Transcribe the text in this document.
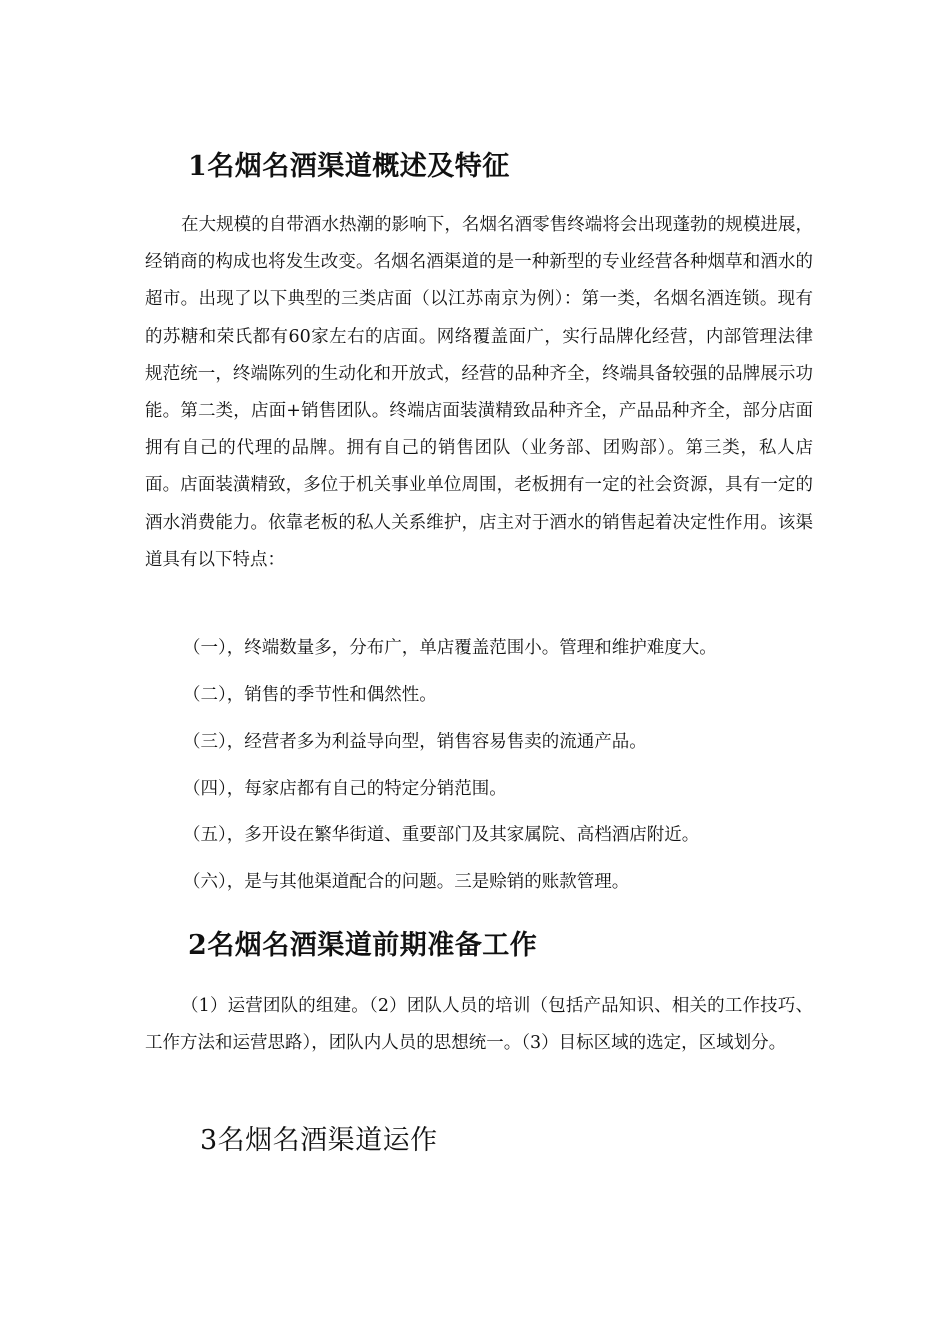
1名烟名酒渠道概述及特征

在大规模的自带酒水热潮的影响下，名烟名酒零售终端将会出现蓬勃的规模进展，经销商的构成也将发生改变。名烟名酒渠道的是一种新型的专业经营各种烟草和酒水的超市。出现了以下典型的三类店面（以江苏南京为例）：第一类，名烟名酒连锁。现有的苏糖和荣氏都有60家左右的店面。网络覆盖面广，实行品牌化经营，内部管理法律规范统一，终端陈列的生动化和开放式，经营的品种齐全，终端具备较强的品牌展示功能。第二类，店面+销售团队。终端店面装潢精致品种齐全，产品品种齐全，部分店面拥有自己的代理的品牌。拥有自己的销售团队（业务部、团购部）。第三类，私人店面。店面装潢精致，多位于机关事业单位周围，老板拥有一定的社会资源，具有一定的酒水消费能力。依靠老板的私人关系维护，店主对于酒水的销售起着决定性作用。该渠道具有以下特点：

（一），终端数量多，分布广，单店覆盖范围小。管理和维护难度大。

（二），销售的季节性和偶然性。

（三），经营者多为利益导向型，销售容易售卖的流通产品。

（四），每家店都有自己的特定分销范围。

（五），多开设在繁华街道、重要部门及其家属院、高档酒店附近。

（六），是与其他渠道配合的问题。三是赊销的账款管理。

2名烟名酒渠道前期准备工作

（1）运营团队的组建。（2）团队人员的培训（包括产品知识、相关的工作技巧、工作方法和运营思路），团队内人员的思想统一。（3）目标区域的选定，区域划分。

3名烟名酒渠道运作
